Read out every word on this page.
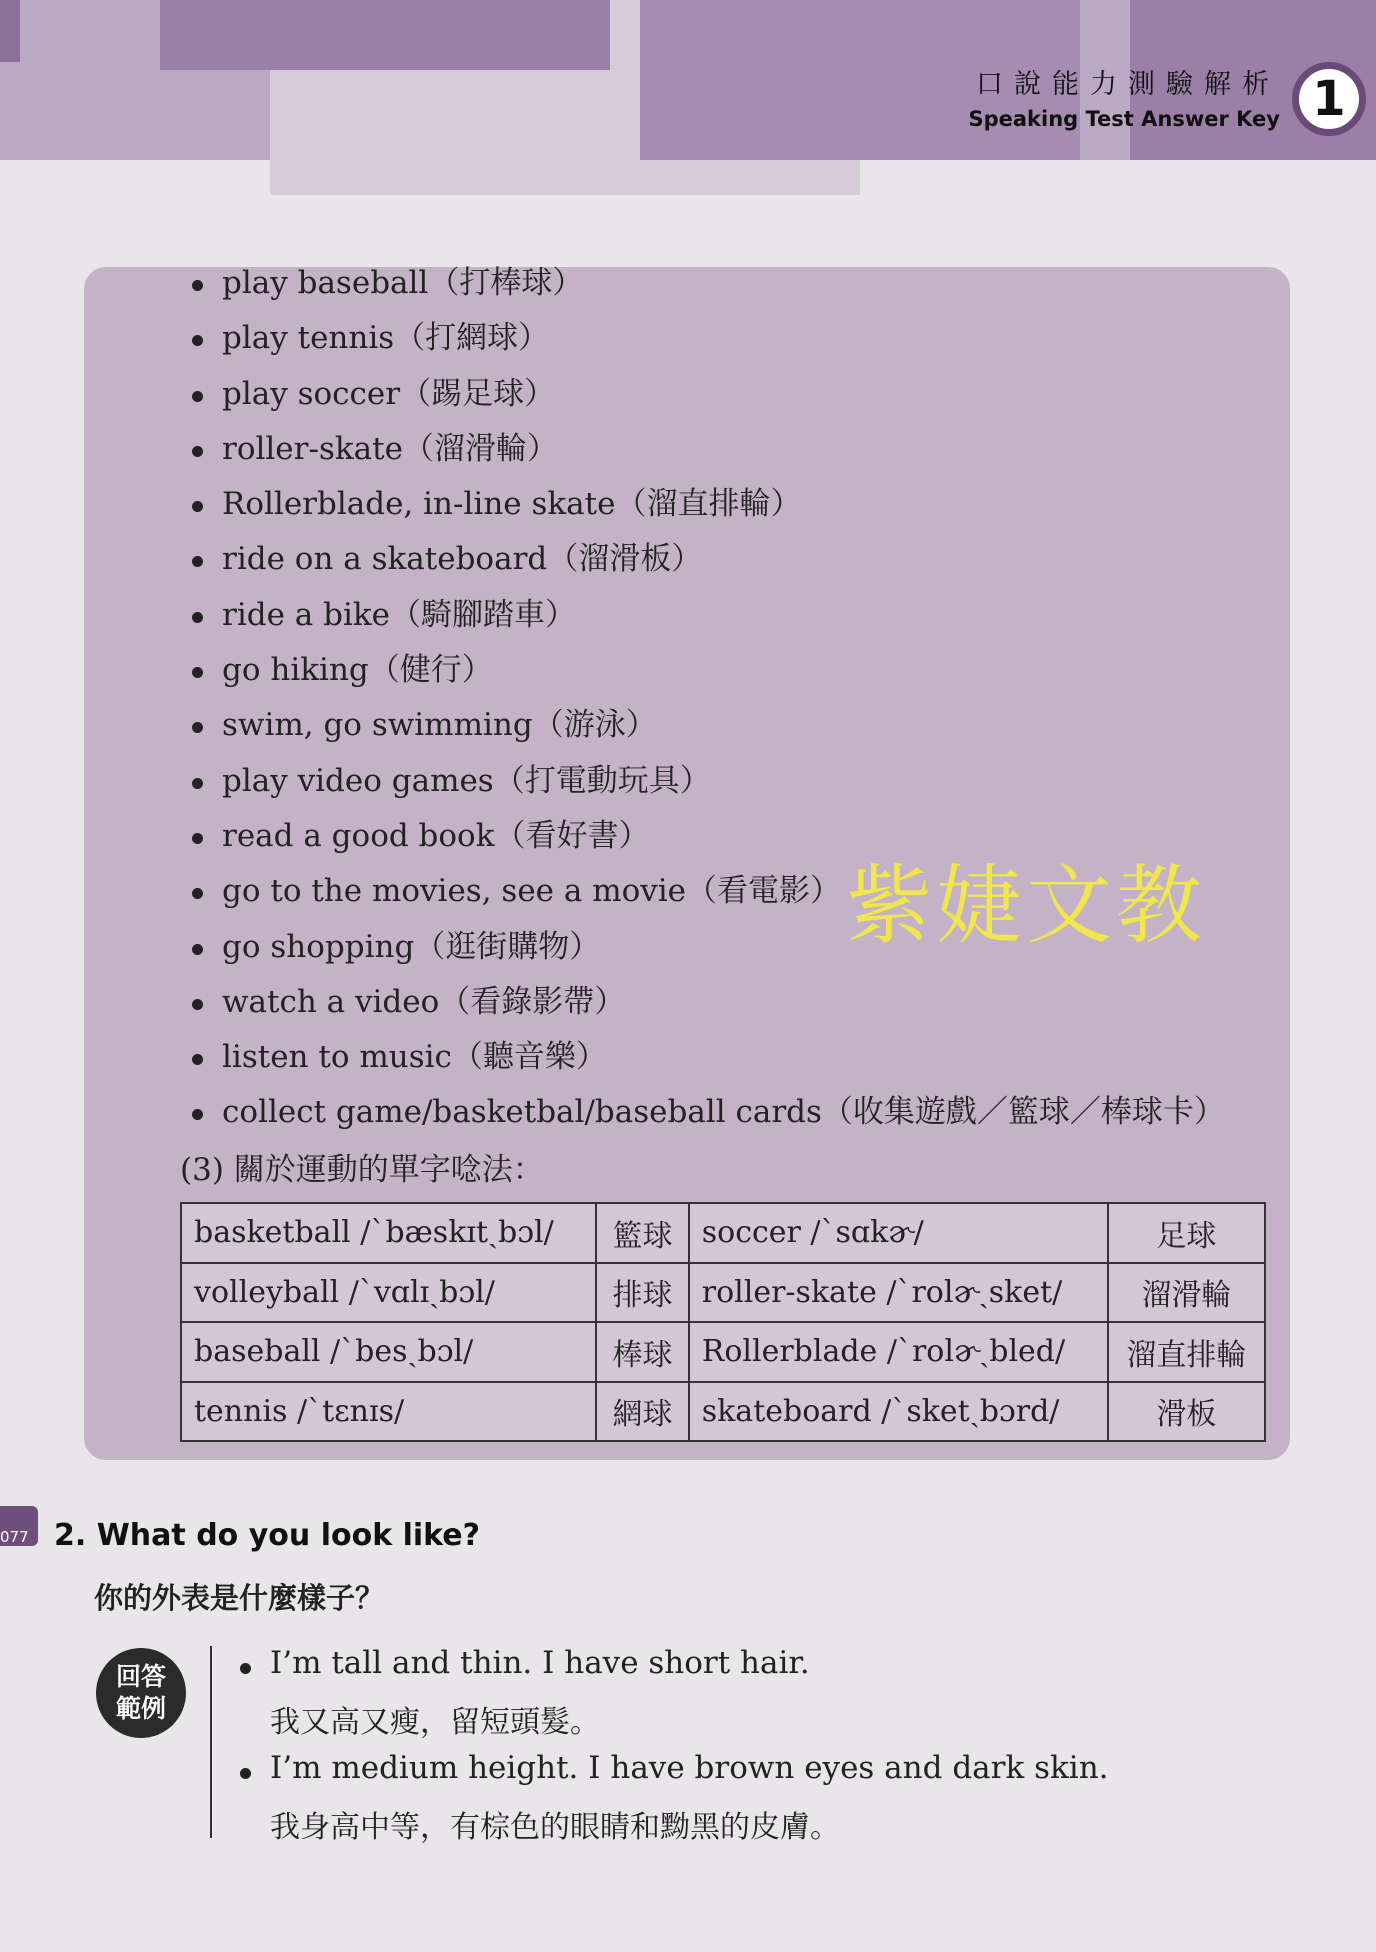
口說能力測驗解析
Speaking Test Answer Key 1
play baseball（打棒球）
play tennis（打網球）
play soccer（踢足球）
roller-skate（溜滑輪）
Rollerblade, in-line skate（溜直排輪）
ride on a skateboard（溜滑板）
ride a bike（騎腳踏車）
go hiking（健行）
swim, go swimming（游泳）
play video games（打電動玩具）
read a good book（看好書）
go to the movies, see a movie（看電影）
go shopping（逛街購物）
watch a video（看錄影帶）
listen to music（聽音樂）
collect game/basketbal/baseball cards（收集遊戲／籃球／棒球卡）
紫婕文教
(3) 關於運動的單字唸法：
basketball /ˋbæskɪtˏbɔl/	籃球	soccer /ˋsɑkɚ/	足球
volleyball /ˋvɑlɪˏbɔl/	排球	roller-skate /ˋrolɚˏsket/	溜滑輪
baseball /ˋbesˏbɔl/	棒球	Rollerblade /ˋrolɚˏbled/	溜直排輪
tennis /ˋtɛnɪs/	網球	skateboard /ˋsketˏbɔrd/	滑板
077 2. What do you look like?
你的外表是什麼樣子？
回答範例
I’m tall and thin. I have short hair.
我又高又瘦，留短頭髮。
I’m medium height. I have brown eyes and dark skin.
我身高中等，有棕色的眼睛和黝黑的皮膚。
